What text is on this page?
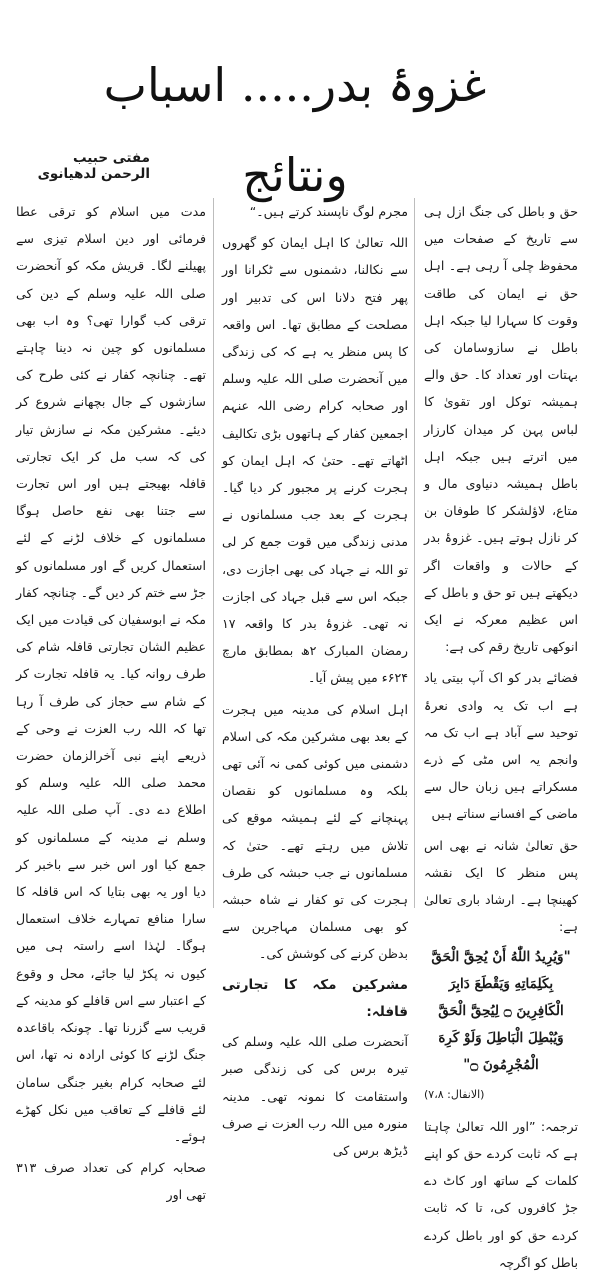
غزوۂ بدر..... اسباب ونتائج
مفتی حبیب الرحمن لدھیانوی

حق و باطل کی جنگ ازل ہی سے تاریخ کے صفحات میں محفوظ چلی آ رہی ہے۔ اہل حق نے ایمان کی طاقت وقوت کا سہارا لیا جبکہ اہل باطل نے سازوسامان کی بہتات اور تعداد کا۔ حق والے ہمیشہ توکل اور تقویٰ کا لباس پہن کر میدان کارزار میں اترتے ہیں جبکہ اہل باطل ہمیشہ دنیاوی مال و متاع، لاؤلشکر کا طوفان بن کر نازل ہوتے ہیں۔ غزوۂ بدر کے حالات و واقعات اگر دیکھتے ہیں تو حق و باطل کے اس عظیم معرکہ نے ایک انوکھی تاریخ رقم کی ہے:

فضائے بدر کو اک آپ بیتی یاد ہے اب تک یہ وادی نعرۂ توحید سے آباد ہے اب تک مہ وانجم یہ اس مٹی کے ذرے مسکراتے ہیں زبان حال سے ماضی کے افسانے سناتے ہیں

حق تعالیٰ شانہ نے بھی اس پس منظر کا ایک نقشہ کھینچا ہے۔ ارشاد باری تعالیٰ ہے:

"وَيُرِيدُ اللّٰهُ أَنْ يُحِقَّ الْحَقَّ بِكَلِمَاتِهِ وَيَقْطَعَ دَابِرَ الْكَافِرِينَ ۝ لِيُحِقَّ الْحَقَّ وَيُبْطِلَ الْبَاطِلَ وَلَوْ كَرِهَ الْمُجْرِمُونَ ۝"

(الانفال: ۷،۸)

ترجمہ: ”اور اللہ تعالیٰ چاہتا ہے کہ ثابت کردے حق کو اپنے کلمات کے ساتھ اور کاٹ دے جڑ کافروں کی، تا کہ ثابت کردے حق کو اور باطل کردے باطل کو اگرچہ

مجرم لوگ ناپسند کرتے ہیں۔“

اللہ تعالیٰ کا اہل ایمان کو گھروں سے نکالنا، دشمنوں سے ٹکرانا اور پھر فتح دلانا اس کی تدبیر اور مصلحت کے مطابق تھا۔ اس واقعہ کا پس منظر یہ ہے کہ کی زندگی میں آنحضرت صلی اللہ علیہ وسلم اور صحابہ کرام رضی اللہ عنہم اجمعین کفار کے ہاتھوں بڑی تکالیف اٹھاتے تھے۔ حتیٰ کہ اہل ایمان کو ہجرت کرنے پر مجبور کر دیا گیا۔ ہجرت کے بعد جب مسلمانوں نے مدنی زندگی میں قوت جمع کر لی تو اللہ نے جہاد کی بھی اجازت دی، جبکہ اس سے قبل جہاد کی اجازت نہ تھی۔ غزوۂ بدر کا واقعہ ۱۷ رمضان المبارک ۲ھ بمطابق مارچ ۶۲۴ء میں پیش آیا۔

اہل اسلام کی مدینہ میں ہجرت کے بعد بھی مشرکین مکہ کی اسلام دشمنی میں کوئی کمی نہ آئی تھی بلکہ وہ مسلمانوں کو نقصان پہنچانے کے لئے ہمیشہ موقع کی تلاش میں رہتے تھے۔ حتیٰ کہ مسلمانوں نے جب حبشہ کی طرف ہجرت کی تو کفار نے شاہ حبشہ کو بھی مسلمان مہاجرین سے بدظن کرنے کی کوشش کی۔

مشرکین مکہ کا تجارتی قافلہ:

آنحضرت صلی اللہ علیہ وسلم کی تیرہ برس کی کی زندگی صبر واستقامت کا نمونہ تھی۔ مدینہ منورہ میں اللہ رب العزت نے صرف ڈیڑھ برس کی

مدت میں اسلام کو ترقی عطا فرمائی اور دین اسلام تیزی سے پھیلنے لگا۔ قریش مکہ کو آنحضرت صلی اللہ علیہ وسلم کے دین کی ترقی کب گوارا تھی؟ وہ اب بھی مسلمانوں کو چین نہ دینا چاہتے تھے۔ چنانچہ کفار نے کئی طرح کی سازشوں کے جال بچھانے شروع کر دیئے۔ مشرکین مکہ نے سازش تیار کی کہ سب مل کر ایک تجارتی قافلہ بھیجتے ہیں اور اس تجارت سے جتنا بھی نفع حاصل ہوگا مسلمانوں کے خلاف لڑنے کے لئے استعمال کریں گے اور مسلمانوں کو جڑ سے ختم کر دیں گے۔ چنانچہ کفار مکہ نے ابوسفیان کی قیادت میں ایک عظیم الشان تجارتی قافلہ شام کی طرف روانہ کیا۔ یہ قافلہ تجارت کر کے شام سے حجاز کی طرف آ رہا تھا کہ اللہ رب العزت نے وحی کے ذریعے اپنے نبی آخرالزمان حضرت محمد صلی اللہ علیہ وسلم کو اطلاع دے دی۔ آپ صلی اللہ علیہ وسلم نے مدینہ کے مسلمانوں کو جمع کیا اور اس خبر سے باخبر کر دیا اور یہ بھی بتایا کہ اس قافلہ کا سارا منافع تمہارے خلاف استعمال ہوگا۔ لہٰذا اسے راستہ ہی میں کیوں نہ پکڑ لیا جائے، محل و وقوع کے اعتبار سے اس قافلے کو مدینہ کے قریب سے گزرنا تھا۔ چونکہ باقاعدہ جنگ لڑنے کا کوئی ارادہ نہ تھا، اس لئے صحابہ کرام بغیر جنگی سامان لئے قافلے کے تعاقب میں نکل کھڑے ہوئے۔

صحابہ کرام کی تعداد صرف ۳۱۳ تھی اور
